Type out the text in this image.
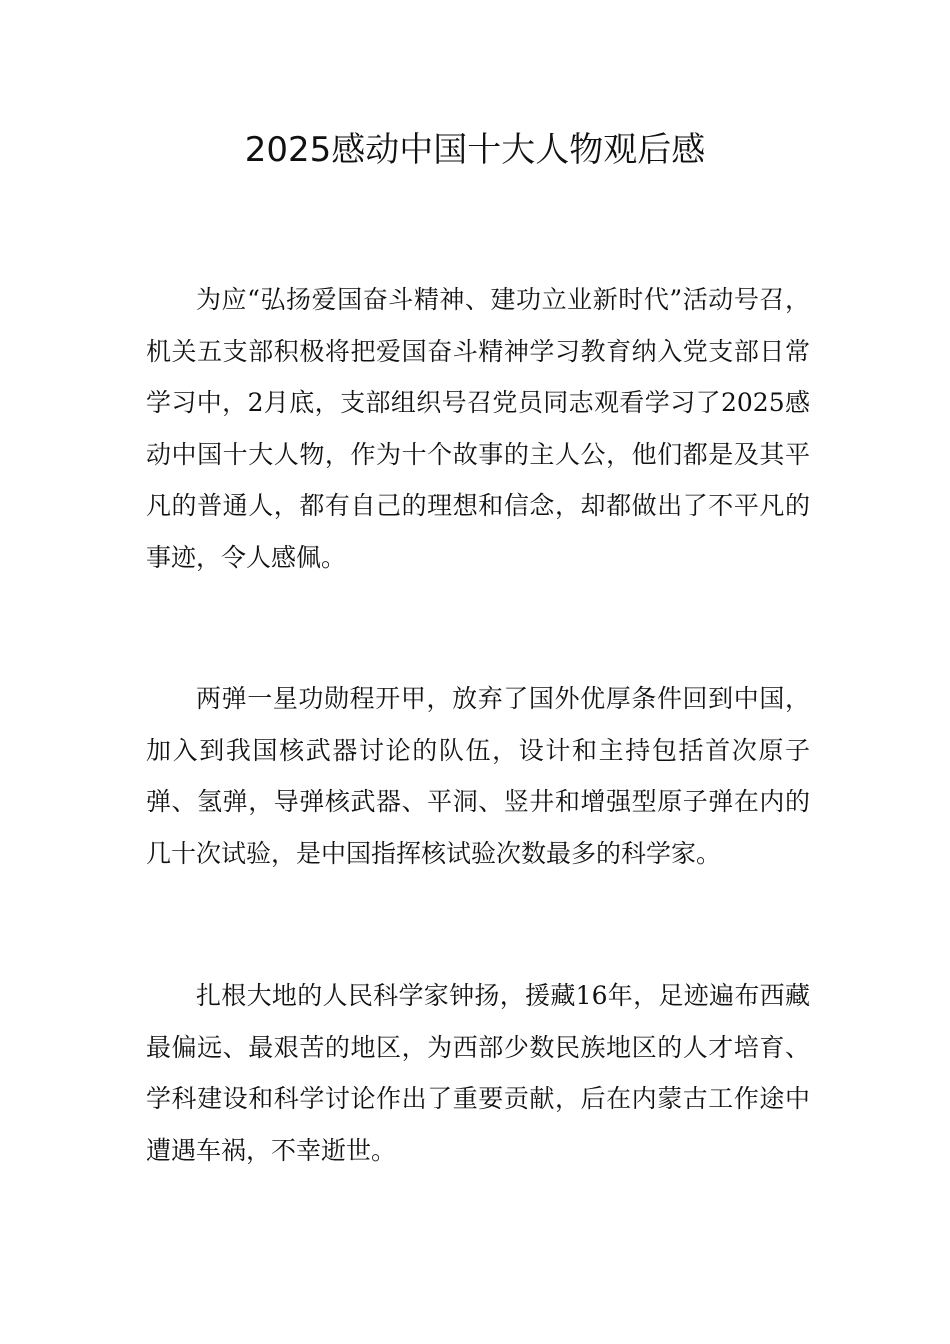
2025感动中国十大人物观后感

为应“弘扬爱国奋斗精神、建功立业新时代”活动号召，机关五支部积极将把爱国奋斗精神学习教育纳入党支部日常学习中，2月底，支部组织号召党员同志观看学习了2025感动中国十大人物，作为十个故事的主人公，他们都是及其平凡的普通人，都有自己的理想和信念，却都做出了不平凡的事迹，令人感佩。

两弹一星功勋程开甲，放弃了国外优厚条件回到中国，加入到我国核武器讨论的队伍，设计和主持包括首次原子弹、氢弹，导弹核武器、平洞、竖井和增强型原子弹在内的几十次试验，是中国指挥核试验次数最多的科学家。

扎根大地的人民科学家钟扬，援藏16年，足迹遍布西藏最偏远、最艰苦的地区，为西部少数民族地区的人才培育、学科建设和科学讨论作出了重要贡献，后在内蒙古工作途中遭遇车祸，不幸逝世。
